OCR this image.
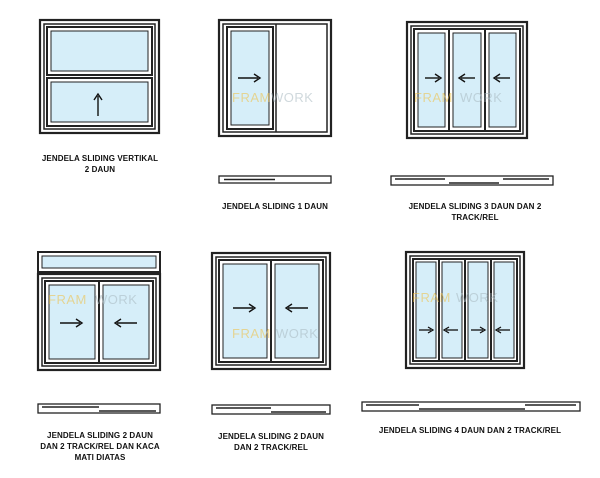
FRAM WORK	FRAM WORK
FRAM WORK
FRAM WORK
FRAM WORK
JENDELA SLIDING VERTIKAL
2 DAUN
JENDELA SLIDING 1 DAUN	JENDELA SLIDING 3 DAUN DAN 2
TRACK/REL
JENDELA SLIDING 2 DAUN
DAN 2 TRACK/REL DAN KACA
MATI DIATAS
JENDELA SLIDING 2 DAUN
DAN 2 TRACK/REL
JENDELA SLIDING 4 DAUN DAN 2 TRACK/REL
